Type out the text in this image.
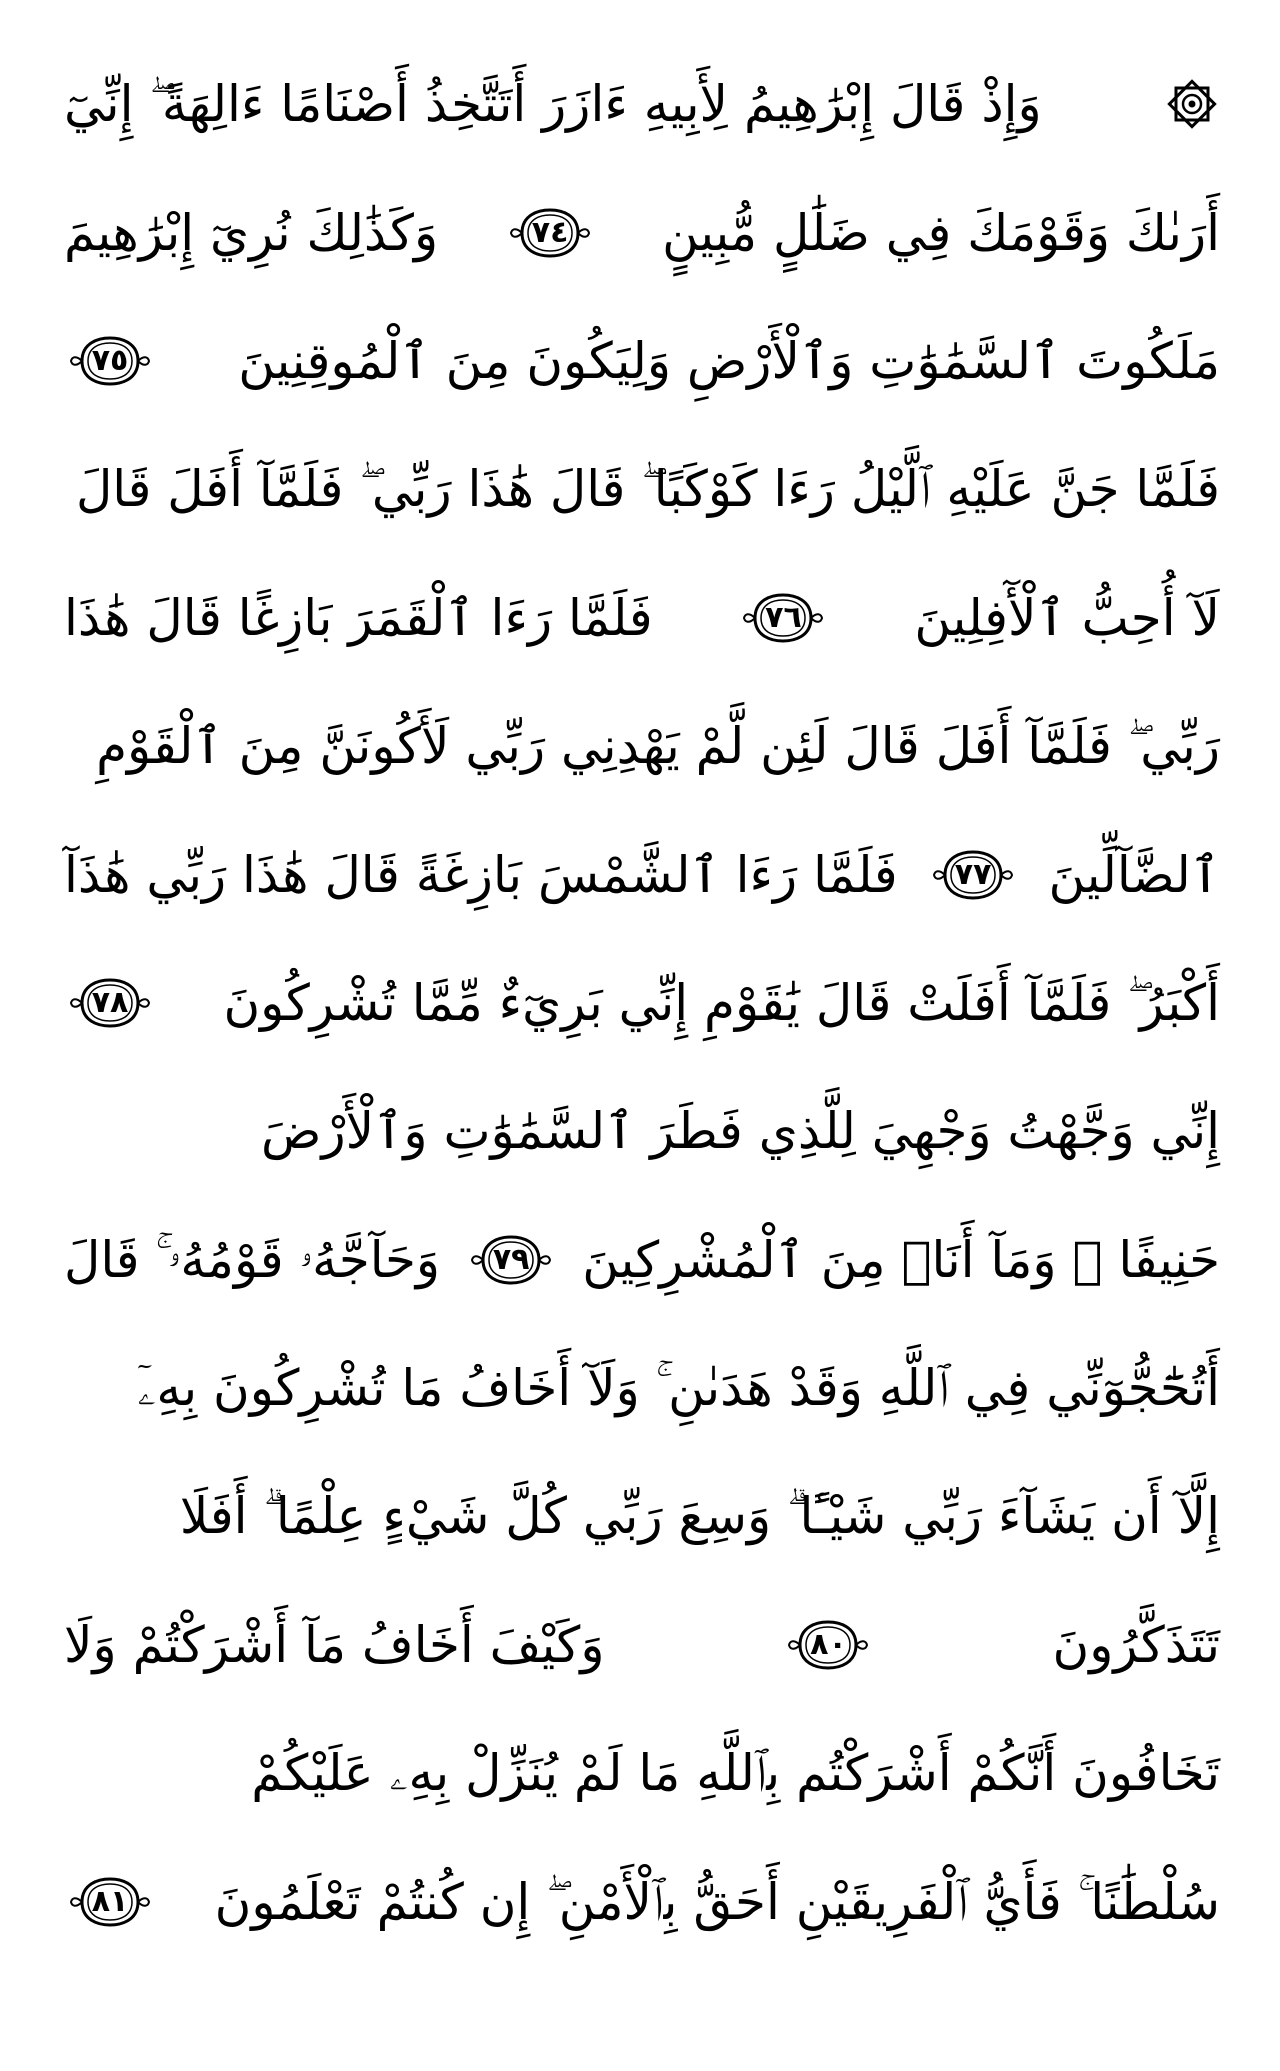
وَإِذْ قَالَ إِبْرَٰهِيمُ لِأَبِيهِ ءَازَرَ أَتَتَّخِذُ أَصْنَامًا ءَالِهَةً ۖ إِنِّيٓ
أَرَىٰكَ وَقَوْمَكَ فِي ضَلَٰلٍ مُّبِينٍ
٧٤
وَكَذَٰلِكَ نُرِيٓ إِبْرَٰهِيمَ
مَلَكُوتَ ٱلسَّمَٰوَٰتِ وَٱلْأَرْضِ وَلِيَكُونَ مِنَ ٱلْمُوقِنِينَ
٧٥
فَلَمَّا جَنَّ عَلَيْهِ ٱلَّيْلُ رَءَا كَوْكَبًا ۖ قَالَ هَٰذَا رَبِّي ۖ فَلَمَّآ أَفَلَ قَالَ
لَآ أُحِبُّ ٱلْأٓفِلِينَ
٧٦
فَلَمَّا رَءَا ٱلْقَمَرَ بَازِغًا قَالَ هَٰذَا
رَبِّي ۖ فَلَمَّآ أَفَلَ قَالَ لَئِن لَّمْ يَهْدِنِي رَبِّي لَأَكُونَنَّ مِنَ ٱلْقَوْمِ
ٱلضَّآلِّينَ
٧٧
فَلَمَّا رَءَا ٱلشَّمْسَ بَازِغَةً قَالَ هَٰذَا رَبِّي هَٰذَآ
أَكْبَرُ ۖ فَلَمَّآ أَفَلَتْ قَالَ يَٰقَوْمِ إِنِّي بَرِيٓءٌ مِّمَّا تُشْرِكُونَ
٧٨
إِنِّي وَجَّهْتُ وَجْهِيَ لِلَّذِي فَطَرَ ٱلسَّمَٰوَٰتِ وَٱلْأَرْضَ
حَنِيفًا ۖ وَمَآ أَنَا۠ مِنَ ٱلْمُشْرِكِينَ
٧٩
وَحَآجَّهُۥ قَوْمُهُۥ ۚ قَالَ
أَتُحَٰٓجُّوٓنِّي فِي ٱللَّهِ وَقَدْ هَدَىٰنِ ۚ وَلَآ أَخَافُ مَا تُشْرِكُونَ بِهِۦٓ
إِلَّآ أَن يَشَآءَ رَبِّي شَيْـًٔا ۗ وَسِعَ رَبِّي كُلَّ شَيْءٍ عِلْمًا ۗ أَفَلَا
تَتَذَكَّرُونَ
٨٠
وَكَيْفَ أَخَافُ مَآ أَشْرَكْتُمْ وَلَا
تَخَافُونَ أَنَّكُمْ أَشْرَكْتُم بِٱللَّهِ مَا لَمْ يُنَزِّلْ بِهِۦ عَلَيْكُمْ
سُلْطَٰنًا ۚ فَأَيُّ ٱلْفَرِيقَيْنِ أَحَقُّ بِٱلْأَمْنِ ۖ إِن كُنتُمْ تَعْلَمُونَ
٨١
